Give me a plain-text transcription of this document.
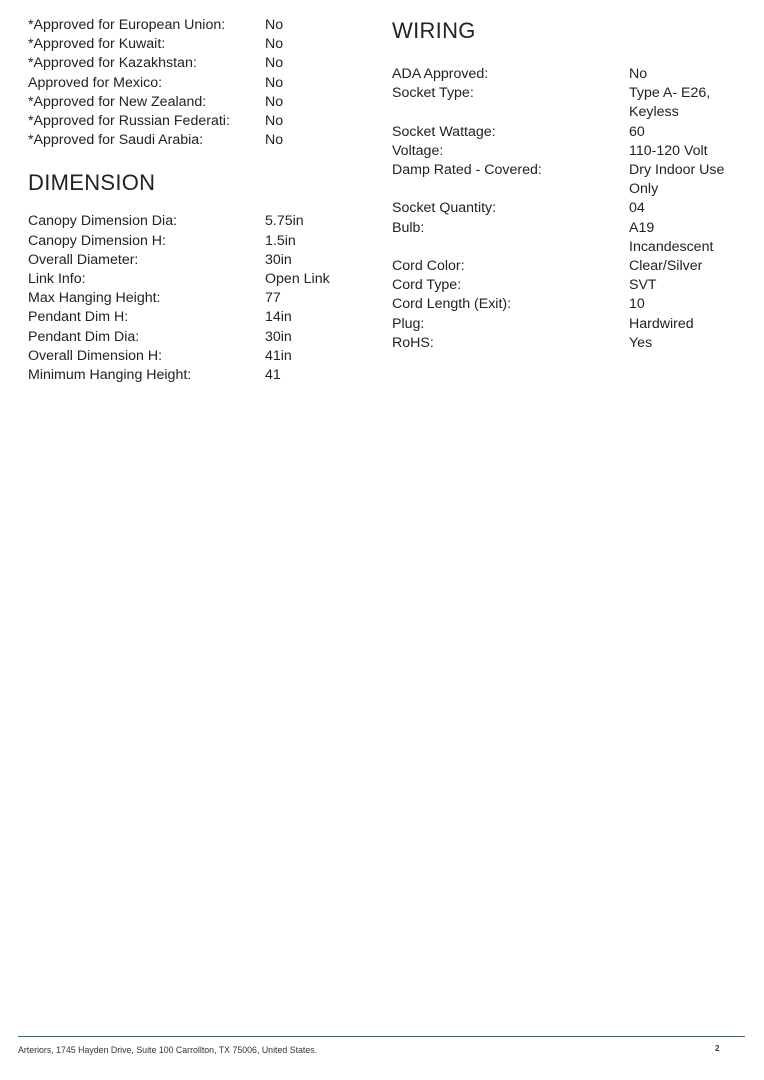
*Approved for European Union:	No
*Approved for Kuwait:	No
*Approved for Kazakhstan:	No
Approved for Mexico:	No
*Approved for New Zealand:	No
*Approved for Russian Federati:	No
*Approved for Saudi Arabia:	No
DIMENSION
Canopy Dimension Dia:	5.75in
Canopy Dimension H:	1.5in
Overall Diameter:	30in
Link Info:	Open Link
Max Hanging Height:	77
Pendant Dim H:	14in
Pendant Dim Dia:	30in
Overall Dimension H:	41in
Minimum Hanging Height:	41
WIRING
ADA Approved:	No
Socket Type:	Type A- E26, Keyless
Socket Wattage:	60
Voltage:	110-120 Volt
Damp Rated - Covered:	Dry Indoor Use Only
Socket Quantity:	04
Bulb:	A19 Incandescent
Cord Color:	Clear/Silver
Cord Type:	SVT
Cord Length (Exit):	10
Plug:	Hardwired
RoHS:	Yes
Arteriors, 1745 Hayden Drive, Suite 100 Carrollton, TX 75006, United States.	2
